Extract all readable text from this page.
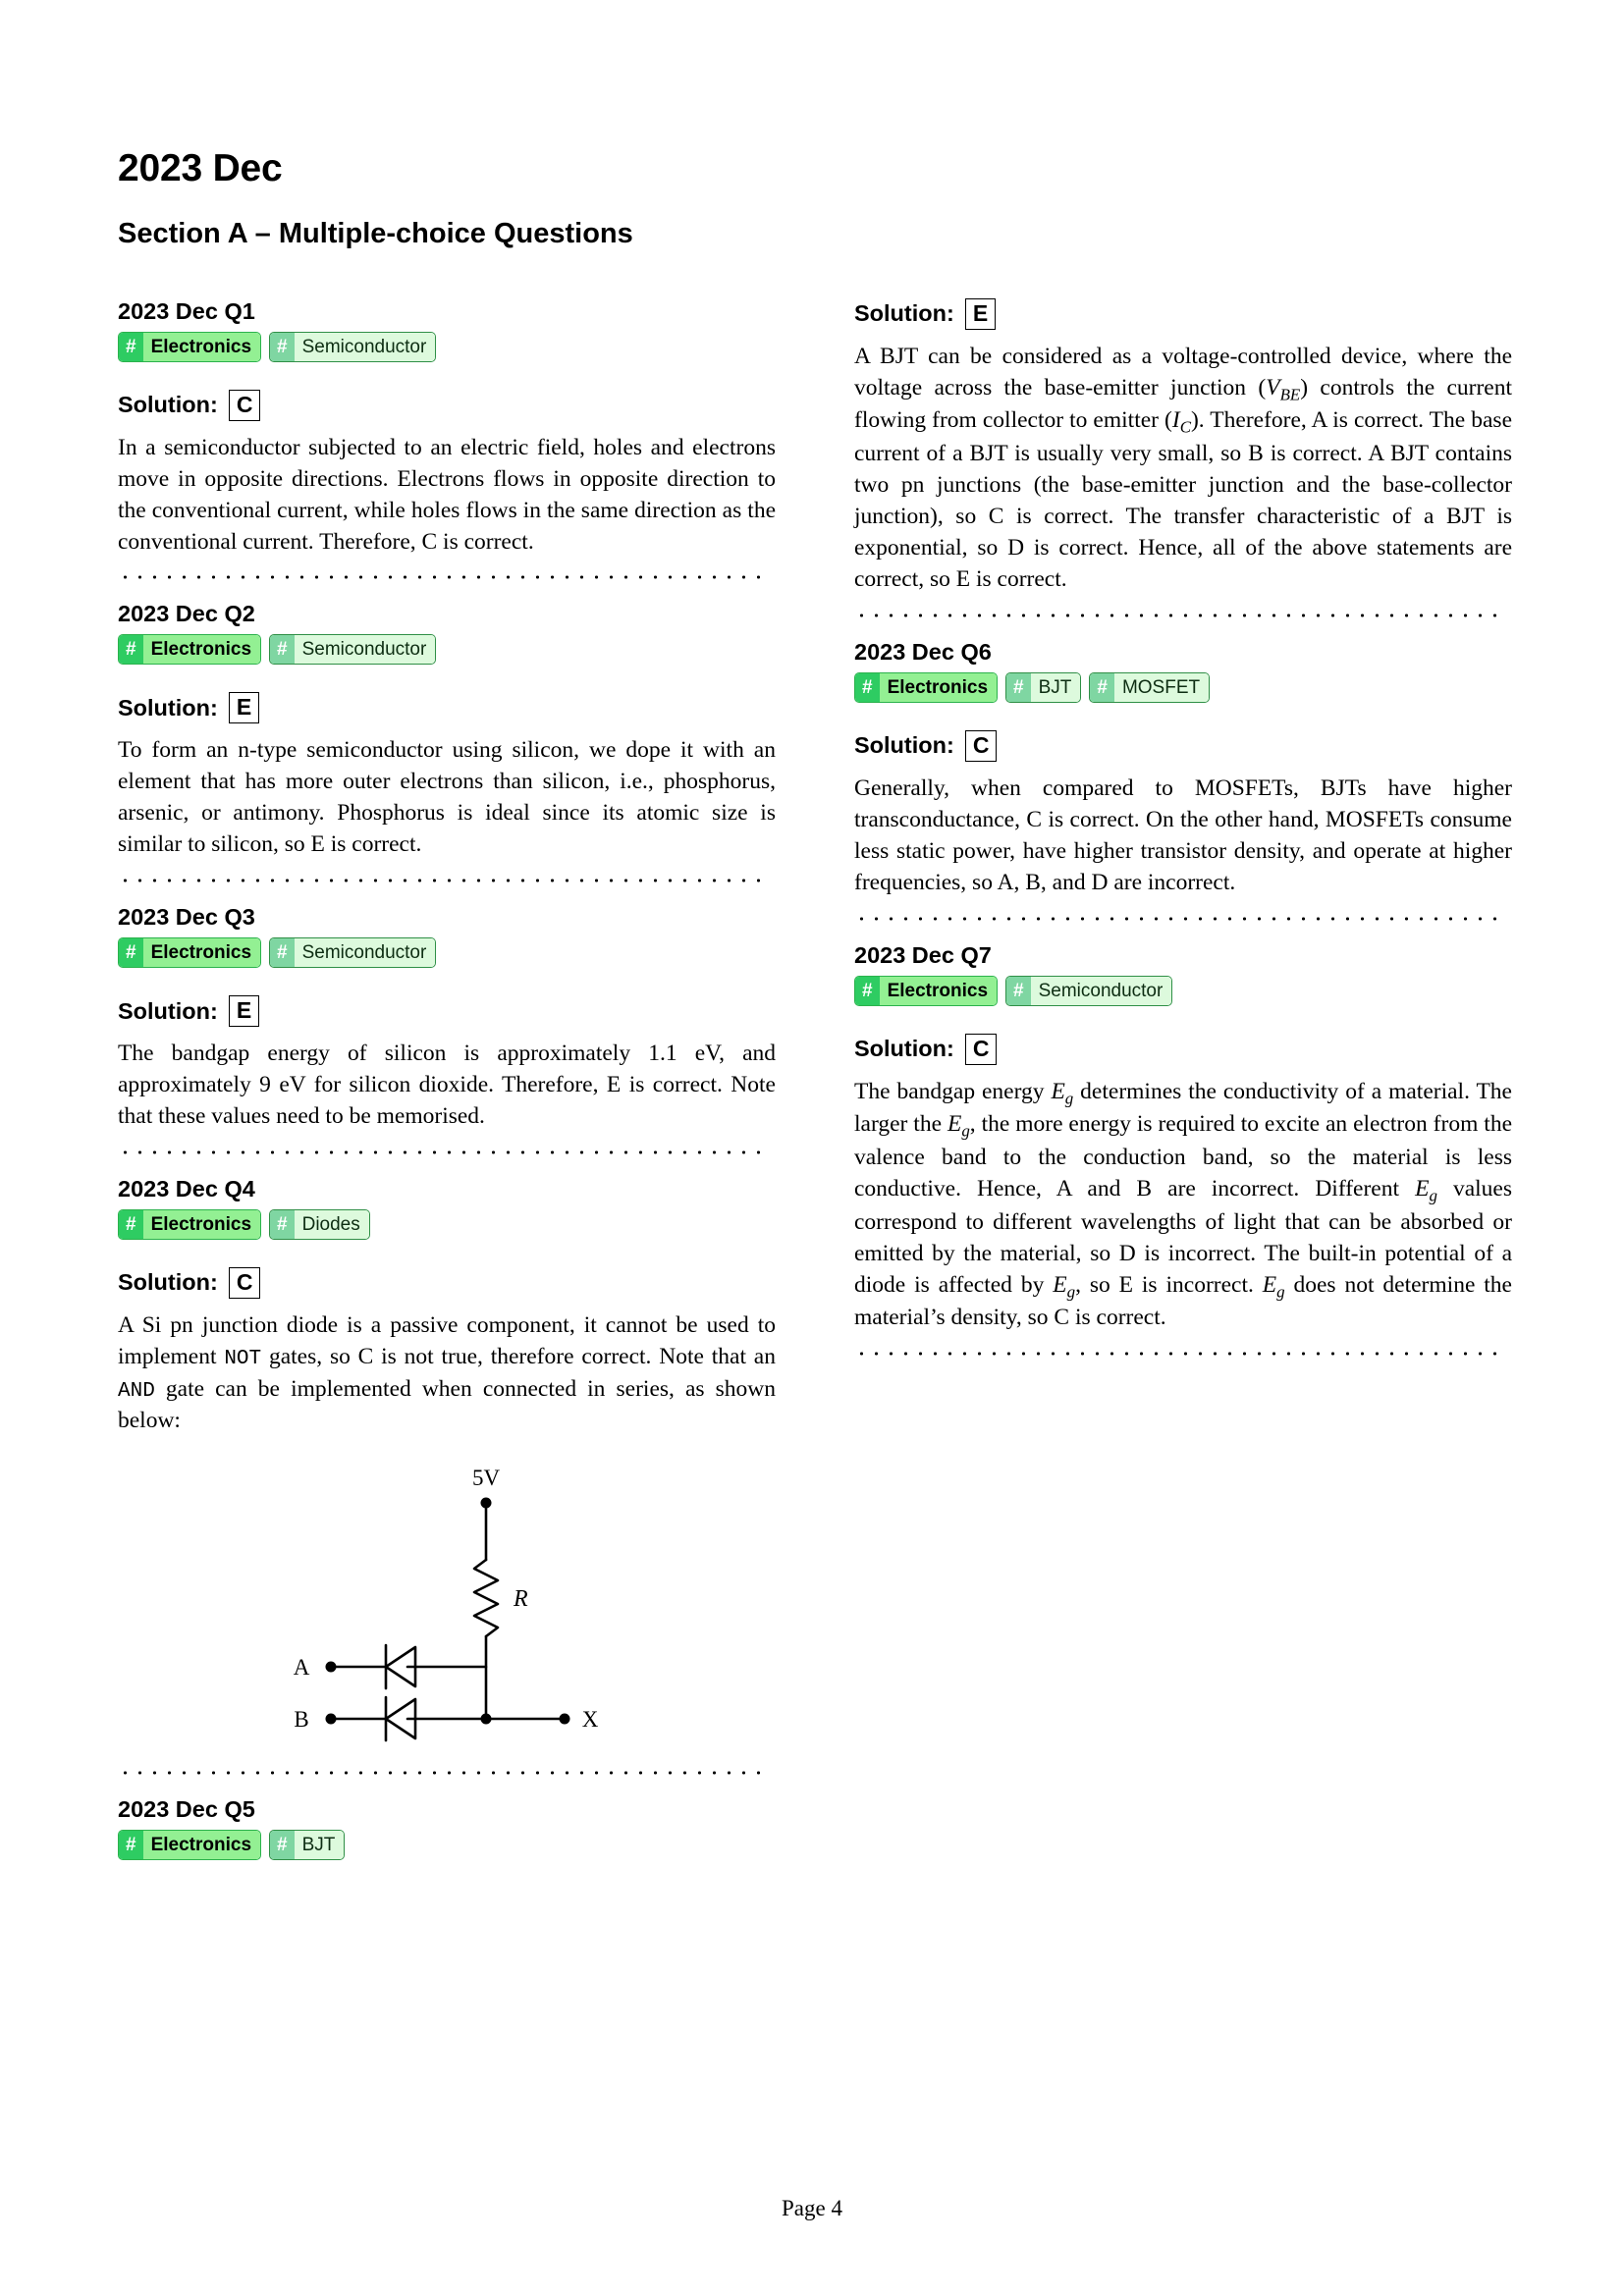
2023 Dec
Section A – Multiple-choice Questions
2023 Dec Q1
# Electronics	# Semiconductor
Solution: C

In a semiconductor subjected to an electric field, holes and electrons move in opposite directions. Electrons flows in opposite direction to the conventional current, while holes flows in the same direction as the conventional current. Therefore, C is correct.

2023 Dec Q2
# Electronics	# Semiconductor
Solution: E

To form an n-type semiconductor using silicon, we dope it with an element that has more outer electrons than silicon, i.e., phosphorus, arsenic, or antimony. Phosphorus is ideal since its atomic size is similar to silicon, so E is correct.

2023 Dec Q3
# Electronics	# Semiconductor
Solution: E

The bandgap energy of silicon is approximately 1.1 eV, and approximately 9 eV for silicon dioxide. Therefore, E is correct. Note that these values need to be memorised.

2023 Dec Q4
# Electronics	# Diodes
Solution: C

A Si pn junction diode is a passive component, it cannot be used to implement NOT gates, so C is not true, therefore correct. Note that an AND gate can be implemented when connected in series, as shown below:

5V
R
A
B	X
2023 Dec Q5
# Electronics	# BJT
Solution: E

A BJT can be considered as a voltage-controlled device, where the voltage across the base-emitter junction $(V_{BE})$ controls the current flowing from collector to emitter $(I_C)$. Therefore, A is correct. The base current of a BJT is usually very small, so B is correct. A BJT contains two pn junctions (the base-emitter junction and the base-collector junction), so C is correct. The transfer characteristic of a BJT is exponential, so D is correct. Hence, all of the above statements are correct, so E is correct.

2023 Dec Q6
# Electronics	# BJT	# MOSFET
Solution: C

Generally, when compared to MOSFETs, BJTs have higher transconductance, C is correct. On the other hand, MOSFETs consume less static power, have higher transistor density, and operate at higher frequencies, so A, B, and D are incorrect.

2023 Dec Q7
# Electronics	# Semiconductor
Solution: C

The bandgap energy $E_g$ determines the conductivity of a material. The larger the $E_g$, the more energy is required to excite an electron from the valence band to the conduction band, so the material is less conductive. Hence, A and B are incorrect. Different $E_g$ values correspond to different wavelengths of light that can be absorbed or emitted by the material, so D is incorrect. The built-in potential of a diode is affected by $E_g$, so E is incorrect. $E_g$ does not determine the material’s density, so C is correct.

Page 4
